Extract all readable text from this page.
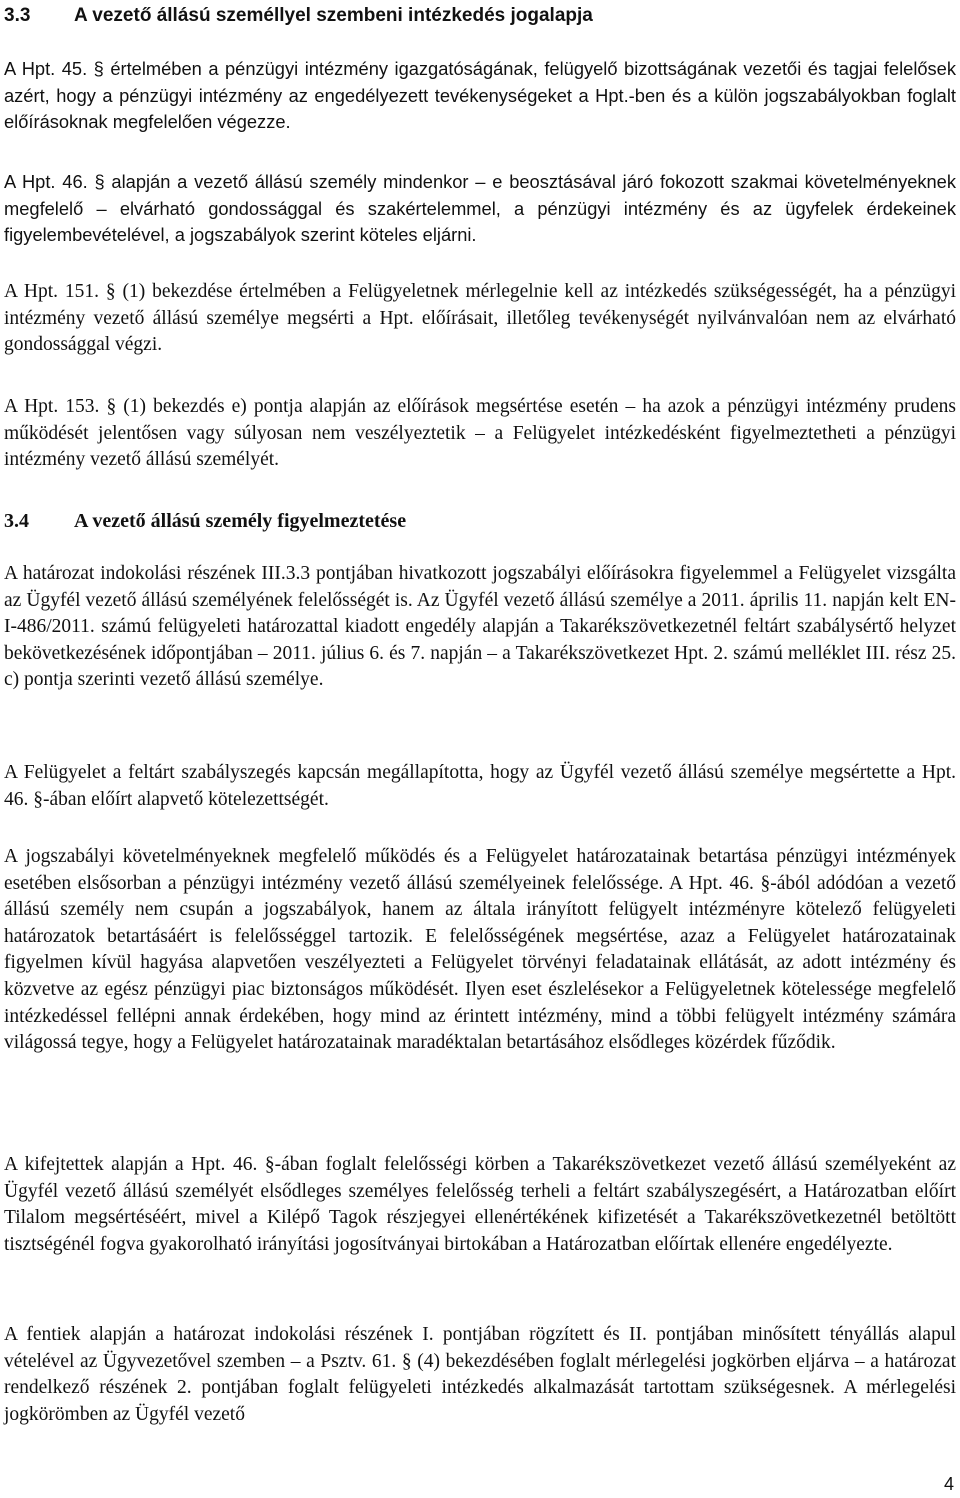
3.3	A vezető állású személlyel szembeni intézkedés jogalapja

A Hpt. 45. § értelmében a pénzügyi intézmény igazgatóságának, felügyelő bizottságának vezetői és tagjai felelősek azért, hogy a pénzügyi intézmény az engedélyezett tevékenységeket a Hpt.-ben és a külön jogszabályokban foglalt előírásoknak megfelelően végezze.

A Hpt. 46. § alapján a vezető állású személy mindenkor – e beosztásával járó fokozott szakmai követelményeknek megfelelő – elvárható gondossággal és szakértelemmel, a pénzügyi intézmény és az ügyfelek érdekeinek figyelembevételével, a jogszabályok szerint köteles eljárni.

A Hpt. 151. § (1) bekezdése értelmében a Felügyeletnek mérlegelnie kell az intézkedés szükségességét, ha a pénzügyi intézmény vezető állású személye megsérti a Hpt. előírásait, illetőleg tevékenységét nyilvánvalóan nem az elvárható gondossággal végzi.

A Hpt. 153. § (1) bekezdés e) pontja alapján az előírások megsértése esetén – ha azok a pénzügyi intézmény prudens működését jelentősen vagy súlyosan nem veszélyeztetik – a Felügyelet intézkedésként figyelmeztetheti a pénzügyi intézmény vezető állású személyét.

3.4	A vezető állású személy figyelmeztetése

A határozat indokolási részének III.3.3 pontjában hivatkozott jogszabályi előírásokra figyelemmel a Felügyelet vizsgálta az Ügyfél vezető állású személyének felelősségét is. Az Ügyfél vezető állású személye a 2011. április 11. napján kelt EN-I-486/2011. számú felügyeleti határozattal kiadott engedély alapján a Takarékszövetkezetnél feltárt szabálysértő helyzet bekövetkezésének időpontjában – 2011. július 6. és 7. napján – a Takarékszövetkezet Hpt. 2. számú melléklet III. rész 25. c) pontja szerinti vezető állású személye.

A Felügyelet a feltárt szabályszegés kapcsán megállapította, hogy az Ügyfél vezető állású személye megsértette a Hpt. 46. §-ában előírt alapvető kötelezettségét.

A jogszabályi követelményeknek megfelelő működés és a Felügyelet határozatainak betartása pénzügyi intézmények esetében elsősorban a pénzügyi intézmény vezető állású személyeinek felelőssége. A Hpt. 46. §-ából adódóan a vezető állású személy nem csupán a jogszabályok, hanem az általa irányított felügyelt intézményre kötelező felügyeleti határozatok betartásáért is felelősséggel tartozik. E felelősségének megsértése, azaz a Felügyelet határozatainak figyelmen kívül hagyása alapvetően veszélyezteti a Felügyelet törvényi feladatainak ellátását, az adott intézmény és közvetve az egész pénzügyi piac biztonságos működését. Ilyen eset észlelésekor a Felügyeletnek kötelessége megfelelő intézkedéssel fellépni annak érdekében, hogy mind az érintett intézmény, mind a többi felügyelt intézmény számára világossá tegye, hogy a Felügyelet határozatainak maradéktalan betartásához elsődleges közérdek fűződik.

A kifejtettek alapján a Hpt. 46. §-ában foglalt felelősségi körben a Takarékszövetkezet vezető állású személyeként az Ügyfél vezető állású személyét elsődleges személyes felelősség terheli a feltárt szabályszegésért, a Határozatban előírt Tilalom megsértéséért, mivel a Kilépő Tagok részjegyei ellenértékének kifizetését a Takarékszövetkezetnél betöltött tisztségénél fogva gyakorolható irányítási jogosítványai birtokában a Határozatban előírtak ellenére engedélyezte.

A fentiek alapján a határozat indokolási részének I. pontjában rögzített és II. pontjában minősített tényállás alapul vételével az Ügyvezetővel szemben – a Psztv. 61. § (4) bekezdésében foglalt mérlegelési jogkörben eljárva – a határozat rendelkező részének 2. pontjában foglalt felügyeleti intézkedés alkalmazását tartottam szükségesnek. A mérlegelési jogkörömben az Ügyfél vezető

4
